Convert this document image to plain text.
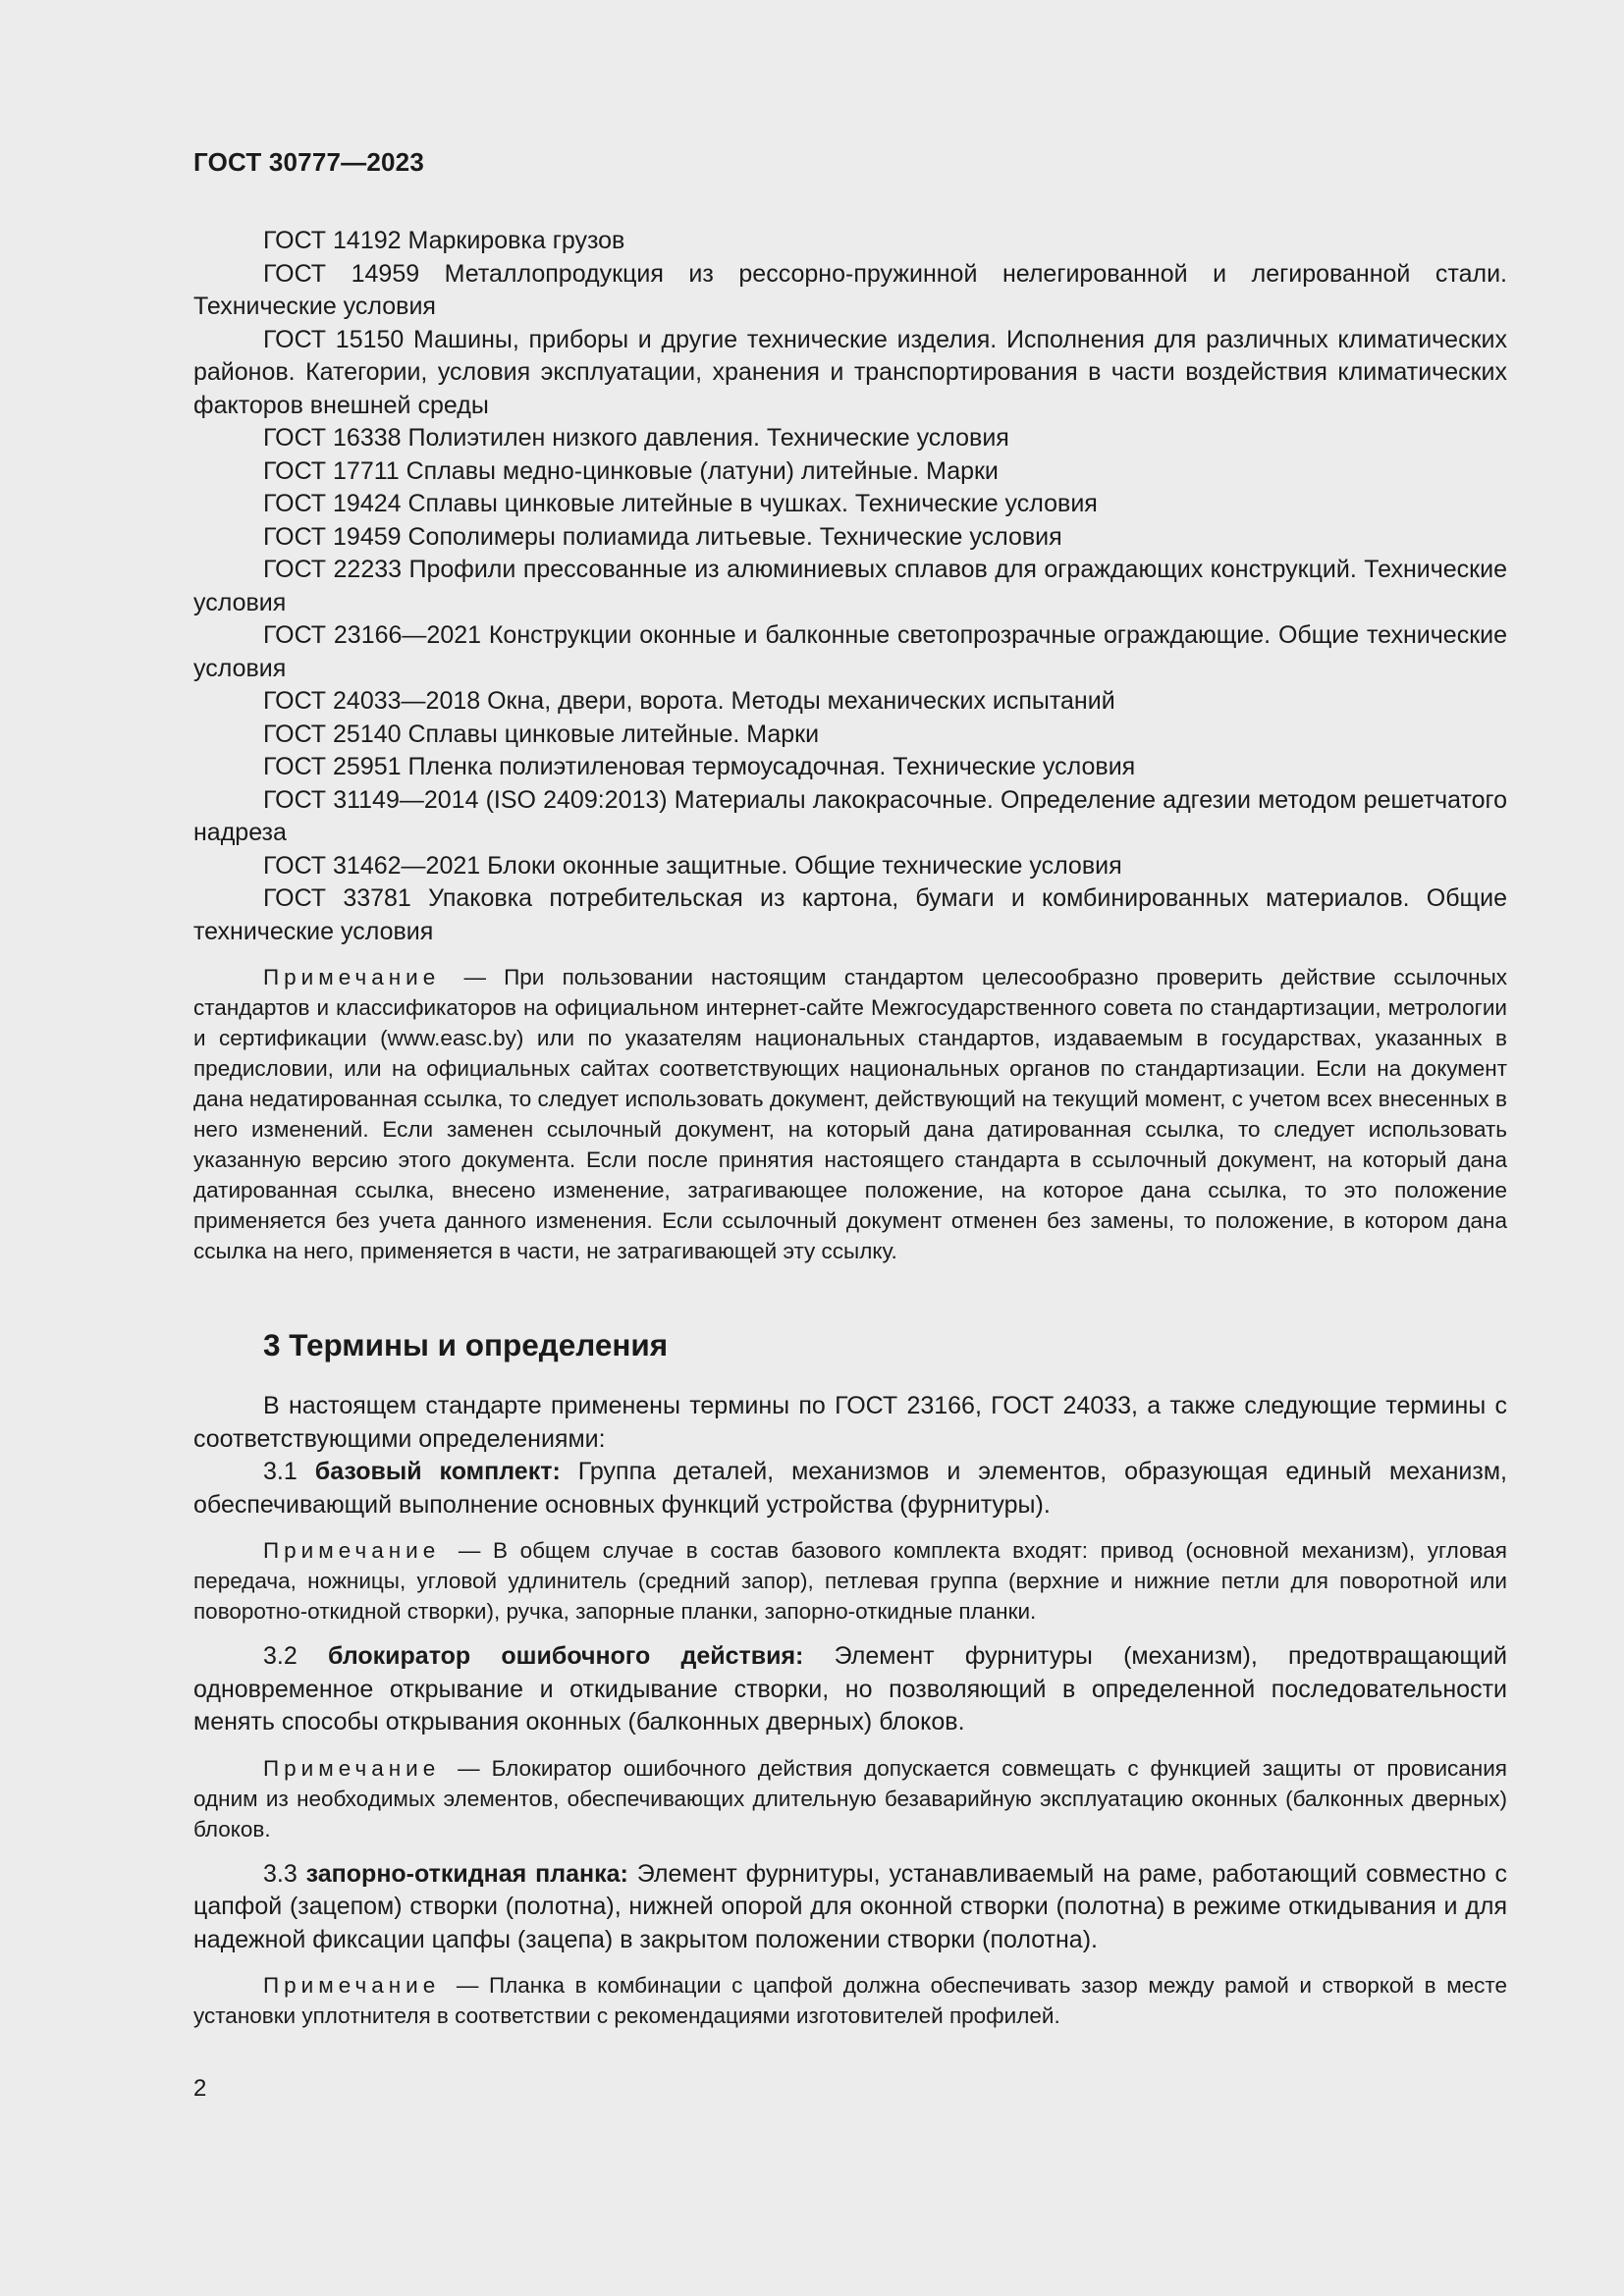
ГОСТ 30777—2023

ГОСТ 14192 Маркировка грузов

ГОСТ 14959 Металлопродукция из рессорно-пружинной нелегированной и легированной стали. Технические условия

ГОСТ 15150 Машины, приборы и другие технические изделия. Исполнения для различных климатических районов. Категории, условия эксплуатации, хранения и транспортирования в части воздействия климатических факторов внешней среды

ГОСТ 16338 Полиэтилен низкого давления. Технические условия

ГОСТ 17711 Сплавы медно-цинковые (латуни) литейные. Марки

ГОСТ 19424 Сплавы цинковые литейные в чушках. Технические условия

ГОСТ 19459 Сополимеры полиамида литьевые. Технические условия

ГОСТ 22233 Профили прессованные из алюминиевых сплавов для ограждающих конструкций. Технические условия

ГОСТ 23166—2021 Конструкции оконные и балконные светопрозрачные ограждающие. Общие технические условия

ГОСТ 24033—2018 Окна, двери, ворота. Методы механических испытаний

ГОСТ 25140 Сплавы цинковые литейные. Марки

ГОСТ 25951 Пленка полиэтиленовая термоусадочная. Технические условия

ГОСТ 31149—2014 (ISO 2409:2013) Материалы лакокрасочные. Определение адгезии методом решетчатого надреза

ГОСТ 31462—2021 Блоки оконные защитные. Общие технические условия

ГОСТ 33781 Упаковка потребительская из картона, бумаги и комбинированных материалов. Общие технические условия

Примечание — При пользовании настоящим стандартом целесообразно проверить действие ссылочных стандартов и классификаторов на официальном интернет-сайте Межгосударственного совета по стандартизации, метрологии и сертификации (www.easc.by) или по указателям национальных стандартов, издаваемым в государствах, указанных в предисловии, или на официальных сайтах соответствующих национальных органов по стандартизации. Если на документ дана недатированная ссылка, то следует использовать документ, действующий на текущий момент, с учетом всех внесенных в него изменений. Если заменен ссылочный документ, на который дана датированная ссылка, то следует использовать указанную версию этого документа. Если после принятия настоящего стандарта в ссылочный документ, на который дана датированная ссылка, внесено изменение, затрагивающее положение, на которое дана ссылка, то это положение применяется без учета данного изменения. Если ссылочный документ отменен без замены, то положение, в котором дана ссылка на него, применяется в части, не затрагивающей эту ссылку.

3 Термины и определения

В настоящем стандарте применены термины по ГОСТ 23166, ГОСТ 24033, а также следующие термины с соответствующими определениями:

3.1 базовый комплект: Группа деталей, механизмов и элементов, образующая единый механизм, обеспечивающий выполнение основных функций устройства (фурнитуры).

Примечание — В общем случае в состав базового комплекта входят: привод (основной механизм), угловая передача, ножницы, угловой удлинитель (средний запор), петлевая группа (верхние и нижние петли для поворотной или поворотно-откидной створки), ручка, запорные планки, запорно-откидные планки.

3.2 блокиратор ошибочного действия: Элемент фурнитуры (механизм), предотвращающий одновременное открывание и откидывание створки, но позволяющий в определенной последовательности менять способы открывания оконных (балконных дверных) блоков.

Примечание — Блокиратор ошибочного действия допускается совмещать с функцией защиты от провисания одним из необходимых элементов, обеспечивающих длительную безаварийную эксплуатацию оконных (балконных дверных) блоков.

3.3 запорно-откидная планка: Элемент фурнитуры, устанавливаемый на раме, работающий совместно с цапфой (зацепом) створки (полотна), нижней опорой для оконной створки (полотна) в режиме откидывания и для надежной фиксации цапфы (зацепа) в закрытом положении створки (полотна).

Примечание — Планка в комбинации с цапфой должна обеспечивать зазор между рамой и створкой в месте установки уплотнителя в соответствии с рекомендациями изготовителей профилей.

2
